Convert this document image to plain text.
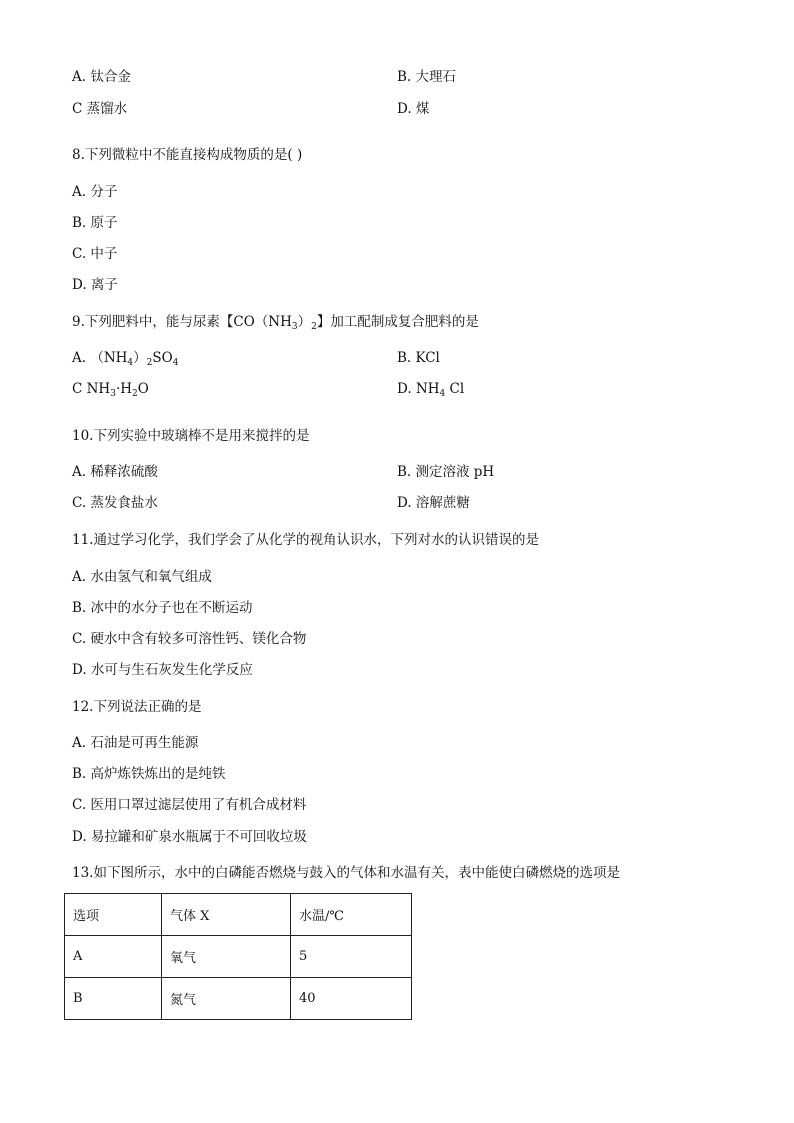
A. 钛合金	B. 大理石
C 蒸馏水	D. 煤
8.下列微粒中不能直接构成物质的是( )
A. 分子
B. 原子
C. 中子
D. 离子
9.下列肥料中，能与尿素【$CO(NH_3)_2$】加工配制成复合肥料的是
A. $(NH_4)_2SO_4$	B. KCl
C $NH_3\cdot H_2O$	D. $NH_4$ Cl
10.下列实验中玻璃棒不是用来搅拌的是
A. 稀释浓硫酸	B. 测定溶液 pH
C. 蒸发食盐水	D. 溶解蔗糖
11.通过学习化学，我们学会了从化学的视角认识水，下列对水的认识错误的是
A. 水由氢气和氧气组成
B. 冰中的水分子也在不断运动
C. 硬水中含有较多可溶性钙、镁化合物
D. 水可与生石灰发生化学反应
12.下列说法正确的是
A. 石油是可再生能源
B. 高炉炼铁炼出的是纯铁
C. 医用口罩过滤层使用了有机合成材料
D. 易拉罐和矿泉水瓶属于不可回收垃圾
13.如下图所示，水中的白磷能否燃烧与鼓入的气体和水温有关，表中能使白磷燃烧的选项是
选项	气体 X	水温/℃
A	氧气	5
B	氮气	40
